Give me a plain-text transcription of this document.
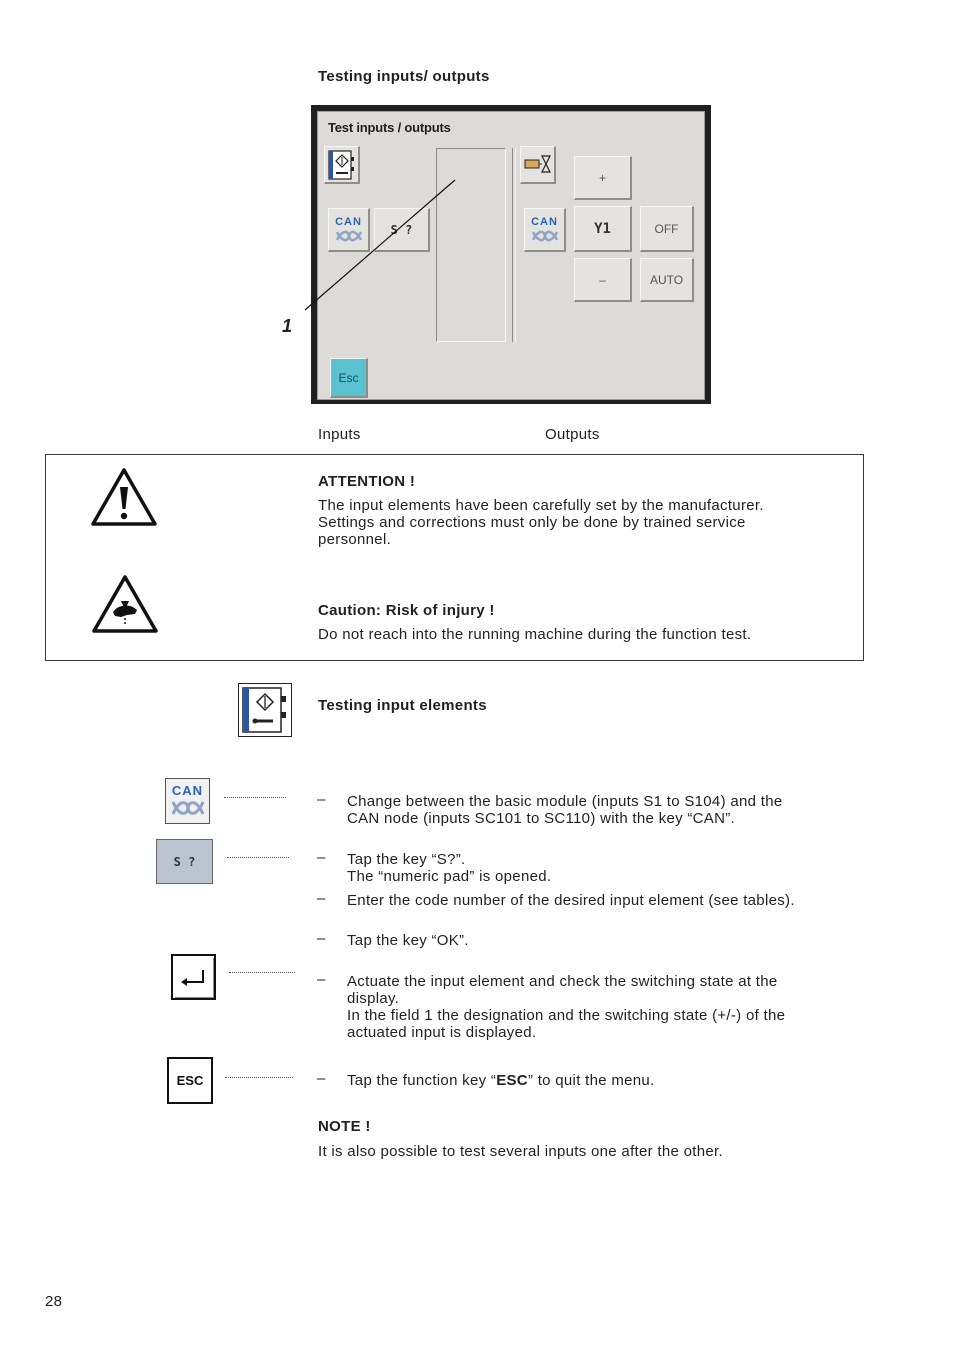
Testing inputs/ outputs
Test inputs / outputs
CAN
S ?
CAN
+
Y1
–
OFF
AUTO
Esc
1
Inputs	Outputs
ATTENTION !
The input elements have been carefully set by the manufacturer.
Settings and corrections must only be done by trained service
personnel.
Caution: Risk of injury !
Do not reach into the running machine during the function test.
Testing input elements
CAN
S ?
ESC
– Change between the basic module (inputs S1 to S104) and the
CAN node (inputs SC101 to SC110) with the key “CAN”.
– Tap the key “S?”.
The “numeric pad” is opened.
– Enter the code number of the desired input element (see tables).
– Tap the key “OK”.
– Actuate the input element and check the switching state at the
display.
In the field 1 the designation and the switching state (+/-) of the
actuated input is displayed.
– Tap the function key “ESC” to quit the menu.
NOTE !
It is also possible to test several inputs one after the other.
28
